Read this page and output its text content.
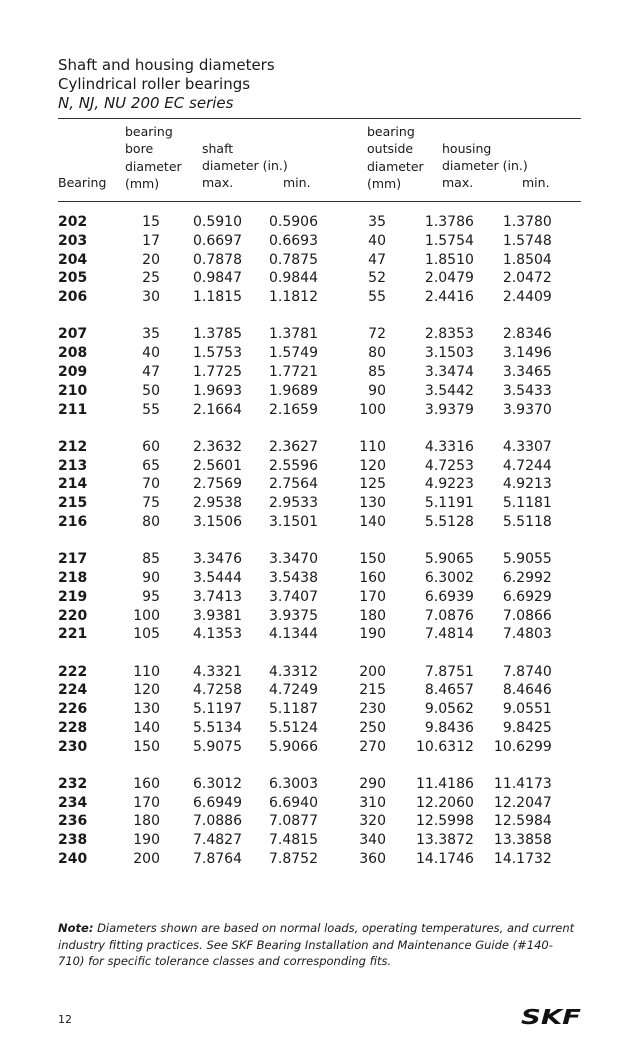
Shaft and housing diameters
Cylindrical roller bearings
N, NJ, NU 200 EC series
Bearing
bearing
bore
diameter
(mm)
shaft
diameter (in.)
max.	min.
bearing
outside
diameter
(mm)
housing
diameter (in.)
max.	min.
202	15	0.5910	0.5906	35	1.3786	1.3780
203	17	0.6697	0.6693	40	1.5754	1.5748
204	20	0.7878	0.7875	47	1.8510	1.8504
205	25	0.9847	0.9844	52	2.0479	2.0472
206	30	1.1815	1.1812	55	2.4416	2.4409

207	35	1.3785	1.3781	72	2.8353	2.8346
208	40	1.5753	1.5749	80	3.1503	3.1496
209	47	1.7725	1.7721	85	3.3474	3.3465
210	50	1.9693	1.9689	90	3.5442	3.5433
211	55	2.1664	2.1659	100	3.9379	3.9370

212	60	2.3632	2.3627	110	4.3316	4.3307
213	65	2.5601	2.5596	120	4.7253	4.7244
214	70	2.7569	2.7564	125	4.9223	4.9213
215	75	2.9538	2.9533	130	5.1191	5.1181
216	80	3.1506	3.1501	140	5.5128	5.5118

217	85	3.3476	3.3470	150	5.9065	5.9055
218	90	3.5444	3.5438	160	6.3002	6.2992
219	95	3.7413	3.7407	170	6.6939	6.6929
220	100	3.9381	3.9375	180	7.0876	7.0866
221	105	4.1353	4.1344	190	7.4814	7.4803

222	110	4.3321	4.3312	200	7.8751	7.8740
224	120	4.7258	4.7249	215	8.4657	8.4646
226	130	5.1197	5.1187	230	9.0562	9.0551
228	140	5.5134	5.5124	250	9.8436	9.8425
230	150	5.9075	5.9066	270	10.6312	10.6299

232	160	6.3012	6.3003	290	11.4186	11.4173
234	170	6.6949	6.6940	310	12.2060	12.2047
236	180	7.0886	7.0877	320	12.5998	12.5984
238	190	7.4827	7.4815	340	13.3872	13.3858
240	200	7.8764	7.8752	360	14.1746	14.1732
Note: Diameters shown are based on normal loads, operating temperatures, and current industry fitting practices. See SKF Bearing Installation and Maintenance Guide (#140-710) for specific tolerance classes and corresponding fits.
12	SKF
